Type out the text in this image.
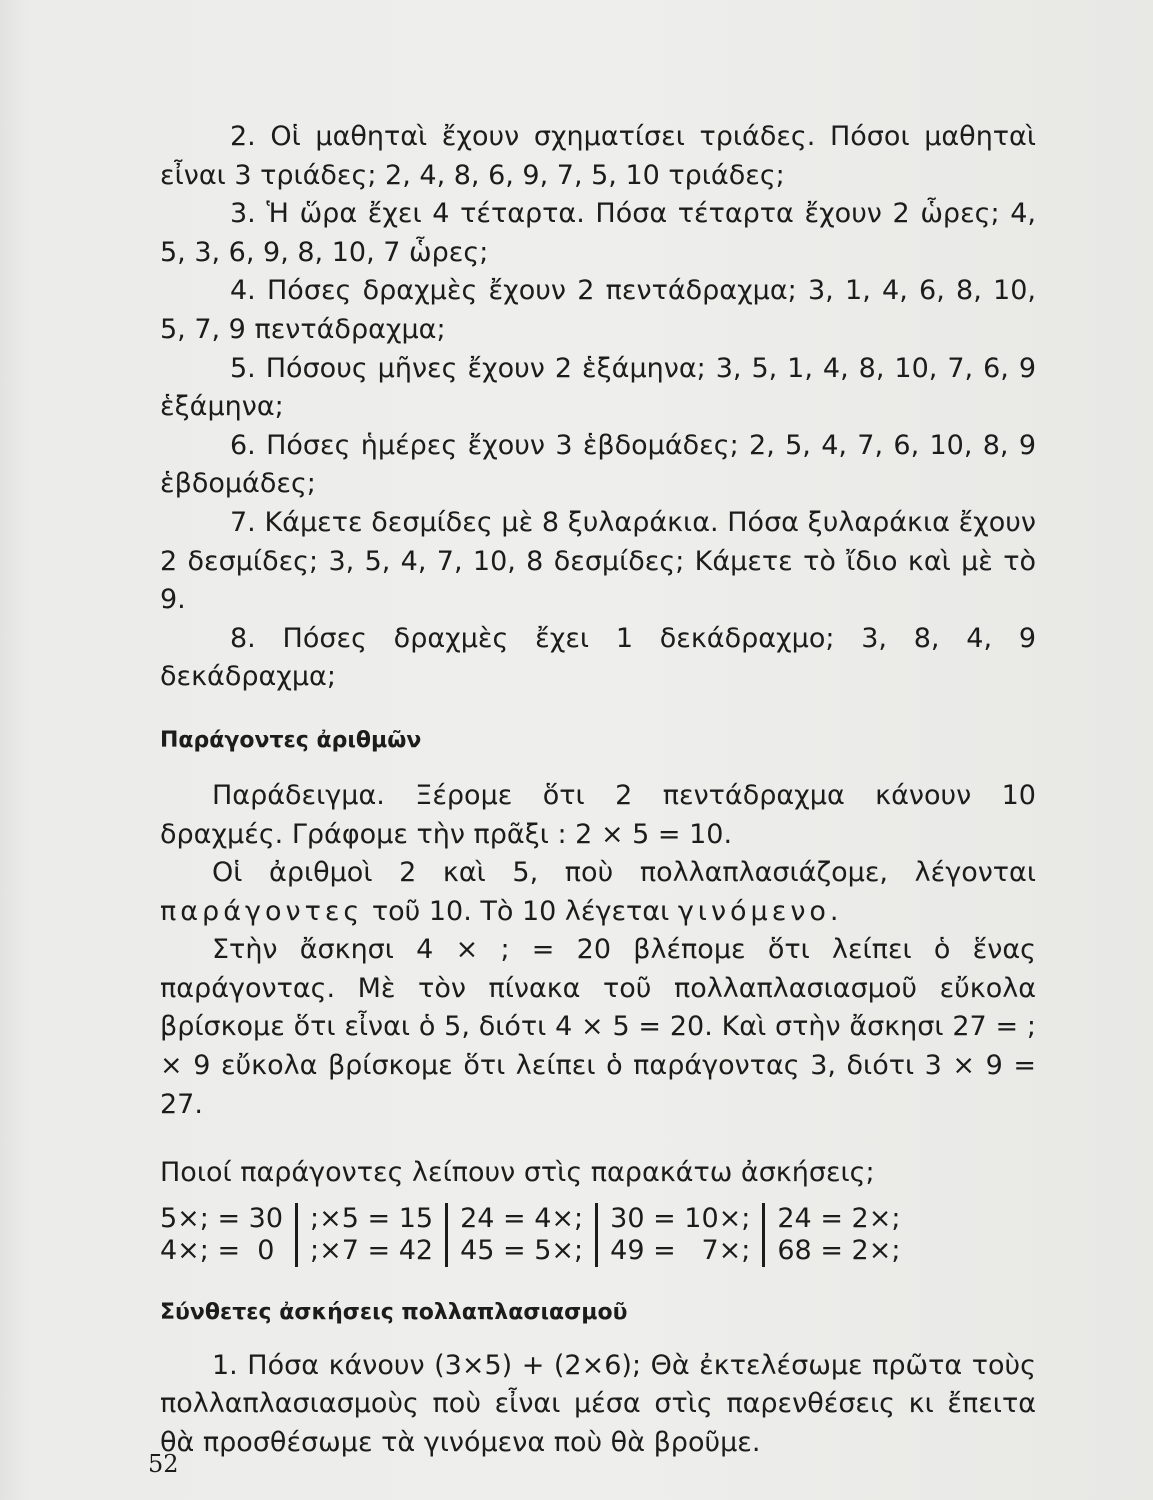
2. Οἱ μαθηταὶ ἔχουν σχηματίσει τριάδες. Πόσοι μαθηταὶ εἶναι 3 τριάδες; 2, 4, 8, 6, 9, 7, 5, 10 τριάδες;

3. Ἡ ὥρα ἔχει 4 τέταρτα. Πόσα τέταρτα ἔχουν 2 ὧρες; 4, 5, 3, 6, 9, 8, 10, 7 ὧρες;

4. Πόσες δραχμὲς ἔχουν 2 πεντάδραχμα; 3, 1, 4, 6, 8, 10, 5, 7, 9 πεντάδραχμα;

5. Πόσους μῆνες ἔχουν 2 ἑξάμηνα; 3, 5, 1, 4, 8, 10, 7, 6, 9 ἑξάμηνα;

6. Πόσες ἡμέρες ἔχουν 3 ἑβδομάδες; 2, 5, 4, 7, 6, 10, 8, 9 ἑβδομάδες;

7. Κάμετε δεσμίδες μὲ 8 ξυλαράκια. Πόσα ξυλαράκια ἔχουν 2 δεσμίδες; 3, 5, 4, 7, 10, 8 δεσμίδες; Κάμετε τὸ ἴδιο καὶ μὲ τὸ 9.

8. Πόσες δραχμὲς ἔχει 1 δεκάδραχμο; 3, 8, 4, 9 δεκάδραχμα;

Παράγοντες ἀριθμῶν

Παράδειγμα. Ξέρομε ὅτι 2 πεντάδραχμα κάνουν 10 δραχμές. Γράφομε τὴν πρᾶξι : 2 × 5 = 10.

Οἱ ἀριθμοὶ 2 καὶ 5, ποὺ πολλαπλασιάζομε, λέγονται παράγοντες τοῦ 10. Τὸ 10 λέγεται γινόμενο.

Στὴν ἄσκησι 4 × ; = 20 βλέπομε ὅτι λείπει ὁ ἕνας παράγοντας. Μὲ τὸν πίνακα τοῦ πολλαπλασιασμοῦ εὔκολα βρίσκομε ὅτι εἶναι ὁ 5, διότι 4 × 5 = 20. Καὶ στὴν ἄσκησι 27 = ; × 9 εὔκολα βρίσκομε ὅτι λείπει ὁ παράγοντας 3, διότι 3 × 9 = 27.

Ποιοί παράγοντες λείπουν στὶς παρακάτω ἀσκήσεις;

5×; = 30
4×; =  0
;×5 = 15
;×7 = 42
24 = 4×;
45 = 5×;
30 = 10×;
49 =   7×;
24 = 2×;
68 = 2×;

Σύνθετες ἀσκήσεις πολλαπλασιασμοῦ

1. Πόσα κάνουν (3×5) + (2×6); Θὰ ἐκτελέσωμε πρῶτα τοὺς πολλαπλασιασμοὺς ποὺ εἶναι μέσα στὶς παρενθέσεις κι ἔπειτα θὰ προσθέσωμε τὰ γινόμενα ποὺ θὰ βροῦμε.

52
